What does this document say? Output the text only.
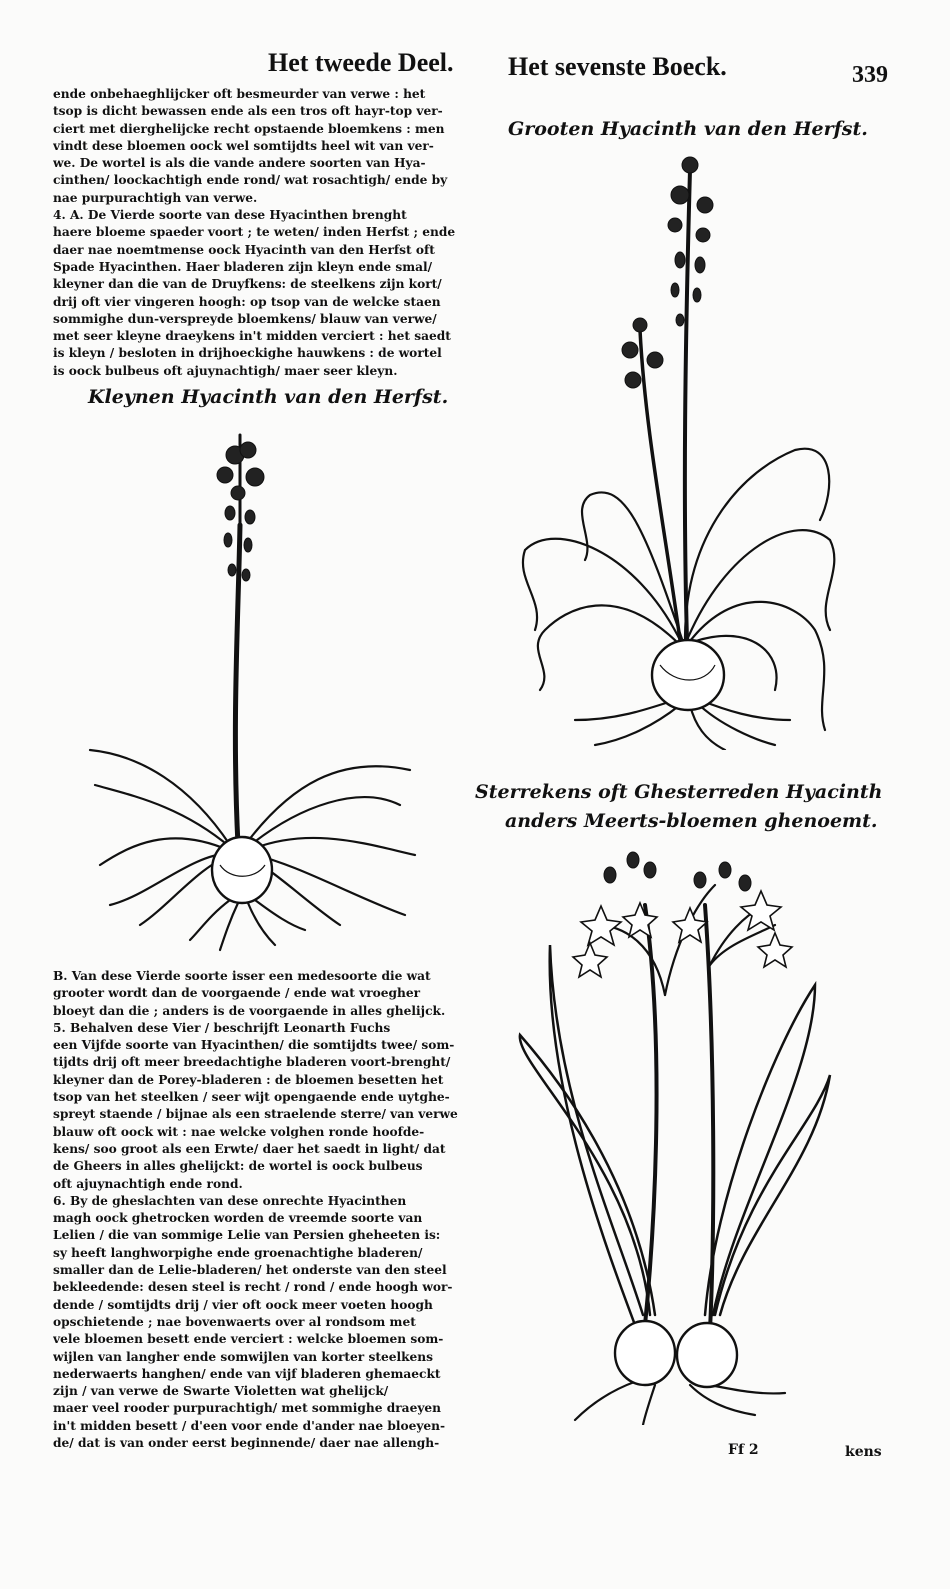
Het tweede Deel. Het sevenste Boeck.	339
ende onbehaeghlijcker oft besmeurder van verwe : het
tsop is dicht bewassen ende als een tros oft hayr-top ver-
ciert met dierghelijcke recht opstaende bloemkens : men
vindt dese bloemen oock wel somtijdts heel wit van ver-
we. De wortel is als die vande andere soorten van Hya-
cinthen/ loockachtigh ende rond/ wat rosachtigh/ ende by
nae purpurachtigh van verwe.
4. A. De Vierde soorte van dese Hyacinthen brenght
haere bloeme spaeder voort ; te weten/ inden Herfst ; ende
daer nae noemtmense oock Hyacinth van den Herfst oft
Spade Hyacinthen. Haer bladeren zijn kleyn ende smal/
kleyner dan die van de Druyfkens: de steelkens zijn kort/
drij oft vier vingeren hoogh: op tsop van de welcke staen
sommighe dun-verspreyde bloemkens/ blauw van verwe/
met seer kleyne draeykens in't midden verciert : het saedt
is kleyn / besloten in drijhoeckighe hauwkens : de wortel
is oock bulbeus oft ajuynachtigh/ maer seer kleyn.
Kleynen Hyacinth van den Herfst.
Grooten Hyacinth van den Herfst.
Sterrekens oft Ghesterreden Hyacinth
anders Meerts-bloemen ghenoemt.
B. Van dese Vierde soorte isser een medesoorte die wat
grooter wordt dan de voorgaende / ende wat vroegher
bloeyt dan die ; anders is de voorgaende in alles ghelijck.
5. Behalven dese Vier / beschrijft Leonarth Fuchs
een Vijfde soorte van Hyacinthen/ die somtijdts twee/ som-
tijdts drij oft meer breedachtighe bladeren voort-brenght/
kleyner dan de Porey-bladeren : de bloemen besetten het
tsop van het steelken / seer wijt opengaende ende uytghe-
spreyt staende / bijnae als een straelende sterre/ van verwe
blauw oft oock wit : nae welcke volghen ronde hoofde-
kens/ soo groot als een Erwte/ daer het saedt in light/ dat
de Gheers in alles ghelijckt: de wortel is oock bulbeus
oft ajuynachtigh ende rond.
6. By de gheslachten van dese onrechte Hyacinthen
magh oock ghetrocken worden de vreemde soorte van
Lelien / die van sommige Lelie van Persien gheheeten is:
sy heeft langhworpighe ende groenachtighe bladeren/
smaller dan de Lelie-bladeren/ het onderste van den steel
bekleedende: desen steel is recht / rond / ende hoogh wor-
dende / somtijdts drij / vier oft oock meer voeten hoogh
opschietende ; nae bovenwaerts over al rondsom met
vele bloemen besett ende verciert : welcke bloemen som-
wijlen van langher ende somwijlen van korter steelkens
nederwaerts hanghen/ ende van vijf bladeren ghemaeckt
zijn / van verwe de Swarte Violetten wat ghelijck/
maer veel rooder purpurachtigh/ met sommighe draeyen
in't midden besett / d'een voor ende d'ander nae bloeyen-
de/ dat is van onder eerst beginnende/ daer nae allengh-	Ff 2	kens
